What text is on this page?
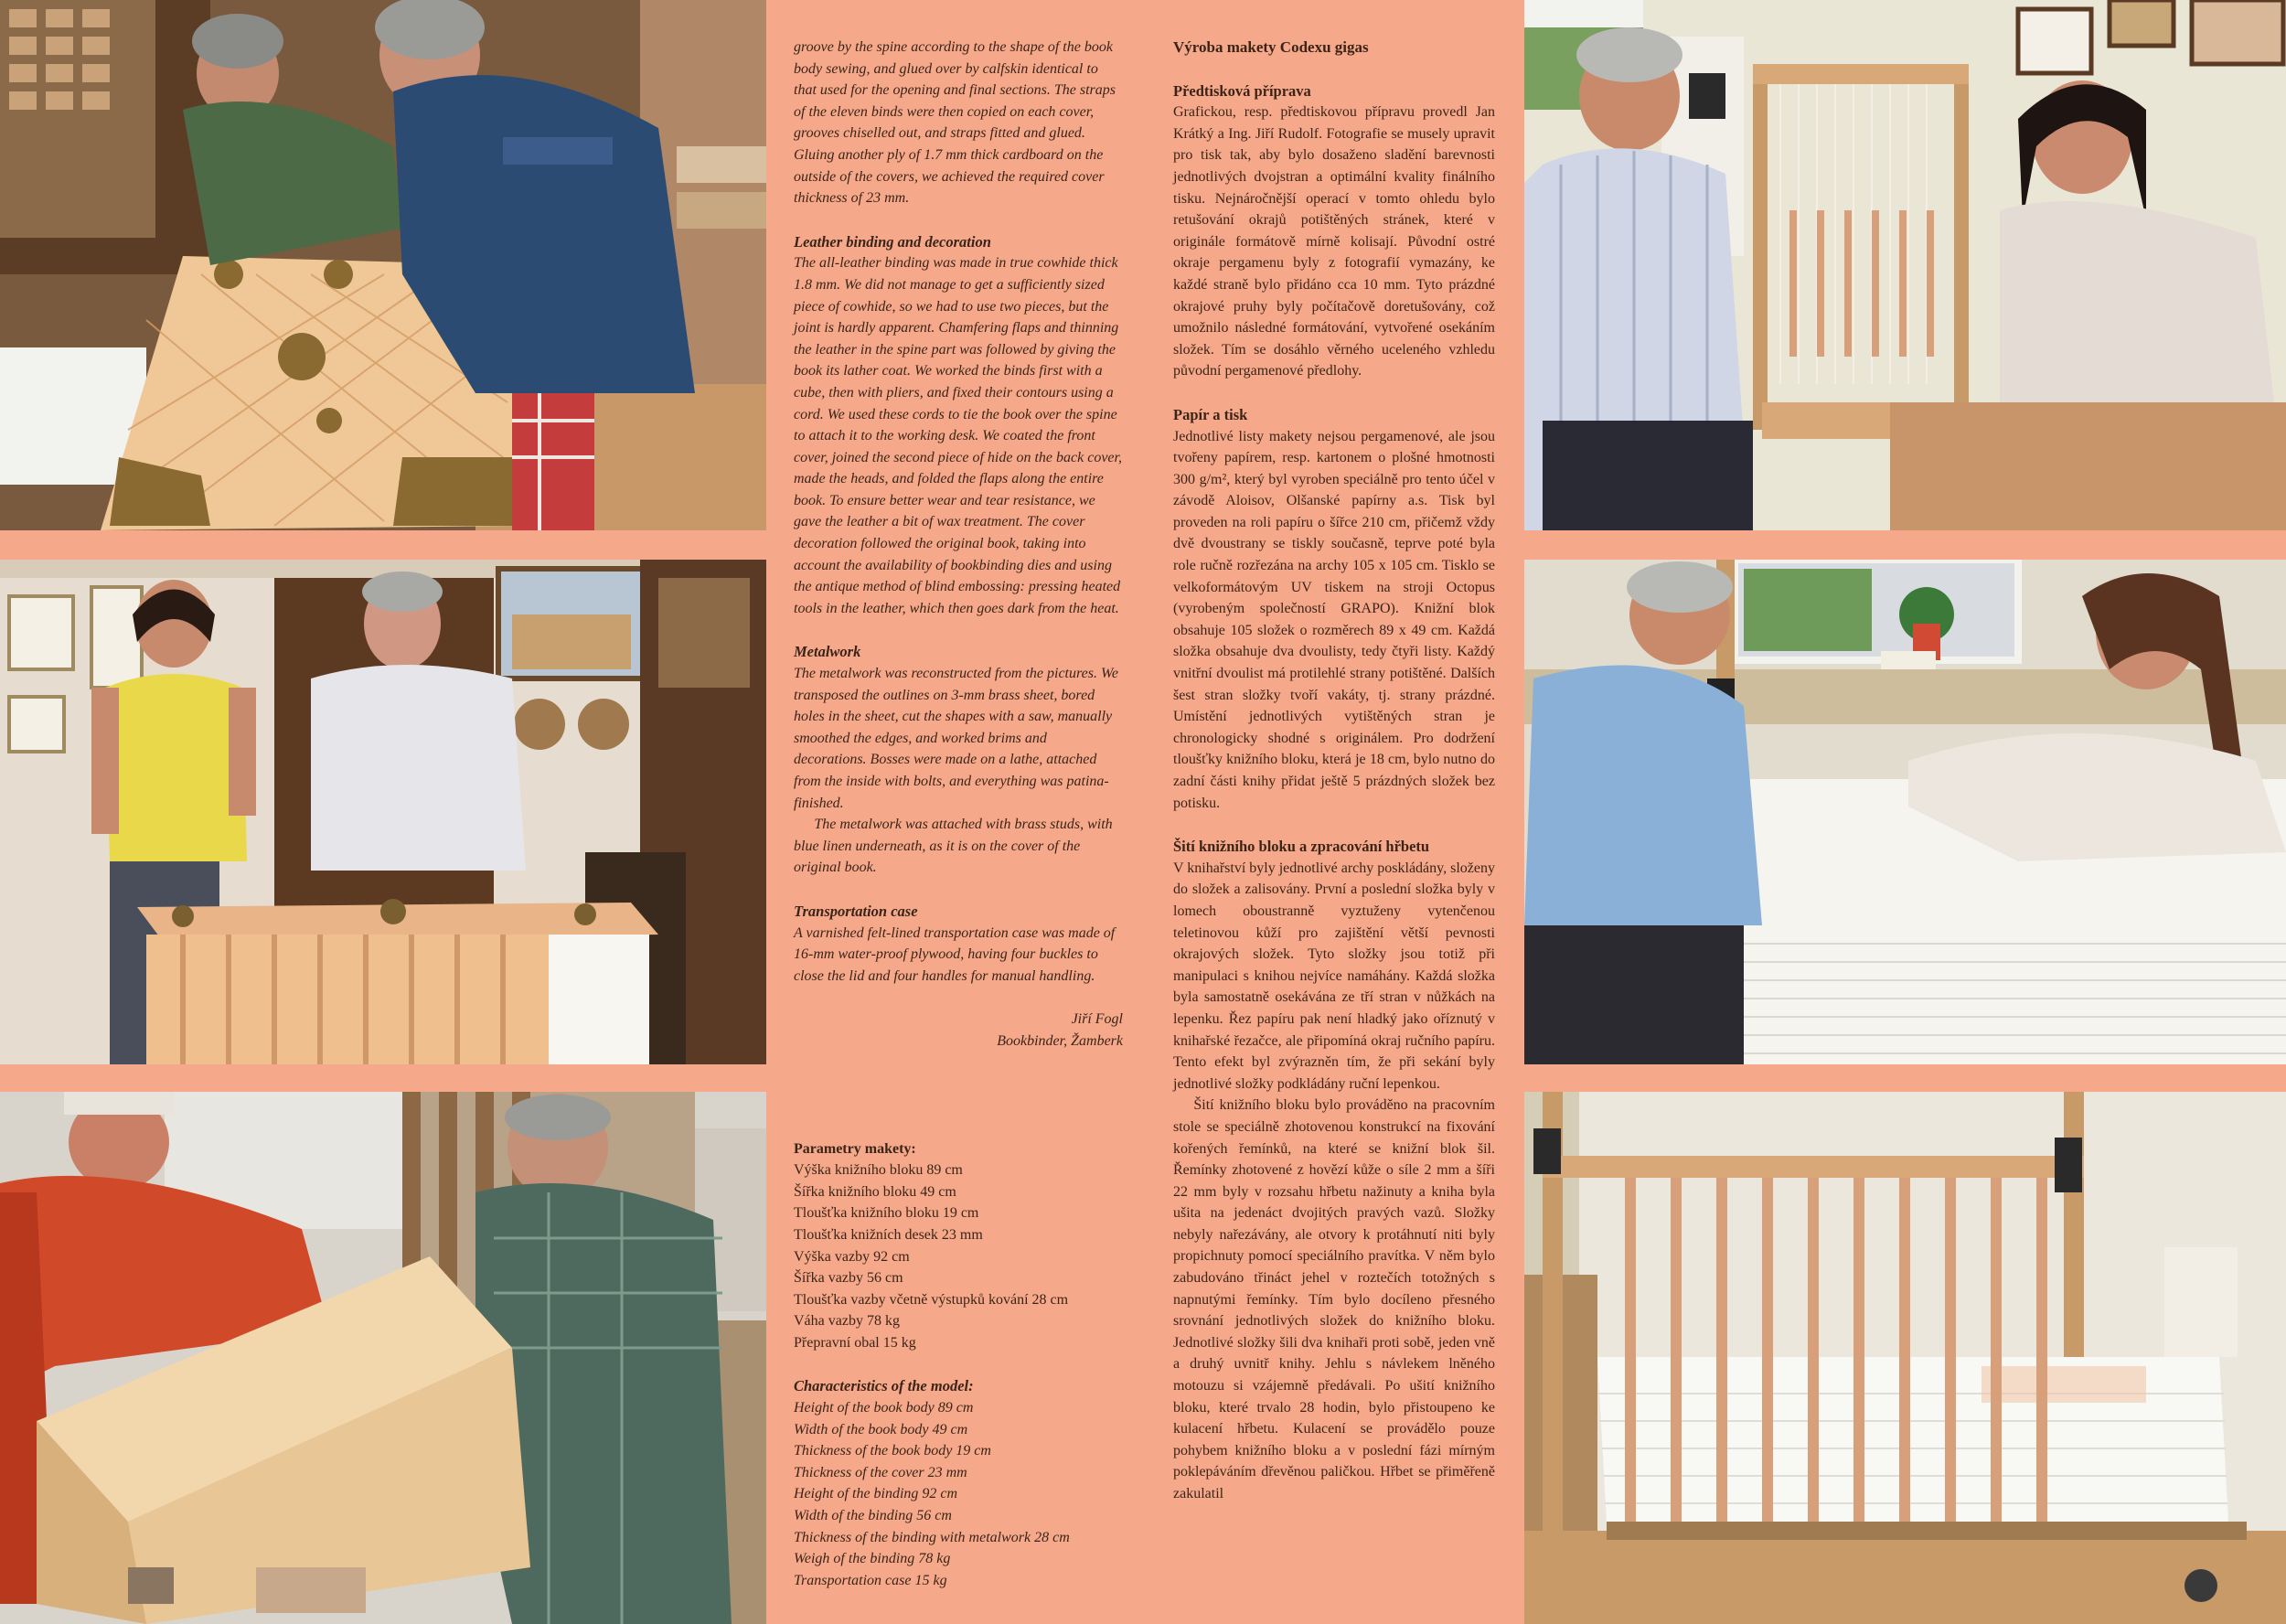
groove by the spine according to the shape of the book body sewing, and glued over by calfskin identical to that used for the opening and final sections. The straps of the eleven binds were then copied on each cover, grooves chiselled out, and straps fitted and glued. Gluing another ply of 1.7 mm thick cardboard on the outside of the covers, we achieved the required cover thickness of 23 mm.

Leather binding and decoration

The all-leather binding was made in true cowhide thick 1.8 mm. We did not manage to get a sufficiently sized piece of cowhide, so we had to use two pieces, but the joint is hardly apparent. Chamfering flaps and thinning the leather in the spine part was followed by giving the book its lather coat. We worked the binds first with a cube, then with pliers, and fixed their contours using a cord. We used these cords to tie the book over the spine to attach it to the working desk. We coated the front cover, joined the second piece of hide on the back cover, made the heads, and folded the flaps along the entire book. To ensure better wear and tear resistance, we gave the leather a bit of wax treatment. The cover decoration followed the original book, taking into account the availability of bookbinding dies and using the antique method of blind embossing: pressing heated tools in the leather, which then goes dark from the heat.

Metalwork

The metalwork was reconstructed from the pictures. We transposed the outlines on 3-mm brass sheet, bored holes in the sheet, cut the shapes with a saw, manually smoothed the edges, and worked brims and decorations. Bosses were made on a lathe, attached from the inside with bolts, and everything was patina-finished.

The metalwork was attached with brass studs, with blue linen underneath, as it is on the cover of the original book.

Transportation case

A varnished felt-lined transportation case was made of 16-mm water-proof plywood, having four buckles to close the lid and four handles for manual handling.

Jiří Fogl

Bookbinder, Žamberk

Parametry makety:

Výška knižního bloku 89 cm

Šířka knižního bloku 49 cm

Tloušťka knižního bloku 19 cm

Tloušťka knižních desek 23 mm

Výška vazby 92 cm

Šířka vazby 56 cm

Tloušťka vazby včetně výstupků kování 28 cm

Váha vazby 78 kg

Přepravní obal 15 kg

Characteristics of the model:

Height of the book body 89 cm

Width of the book body 49 cm

Thickness of the book body 19 cm

Thickness of the cover 23 mm

Height of the binding 92 cm

Width of the binding 56 cm

Thickness of the binding with metalwork 28 cm

Weigh of the binding 78 kg

Transportation case 15 kg

Výroba makety Codexu gigas
Předtisková příprava

Grafickou, resp. předtiskovou přípravu provedl Jan Krátký a Ing. Jiří Rudolf. Fotografie se musely upravit pro tisk tak, aby bylo dosaženo sladění barevnosti jednotlivých dvojstran a optimální kvality finálního tisku. Nejnáročnější operací v tomto ohledu bylo retušování okrajů potištěných stránek, které v originále formátově mírně kolisají. Původní ostré okraje pergamenu byly z fotografií vymazány, ke každé straně bylo přidáno cca 10 mm. Tyto prázdné okrajové pruhy byly počítačově doretušovány, což umožnilo následné formátování, vytvořené osekáním složek. Tím se dosáhlo věrného uceleného vzhledu původní pergamenové předlohy.

Papír a tisk

Jednotlivé listy makety nejsou pergamenové, ale jsou tvořeny papírem, resp. kartonem o plošné hmotnosti 300 g/m², který byl vyroben speciálně pro tento účel v závodě Aloisov, Olšanské papírny a.s. Tisk byl proveden na roli papíru o šířce 210 cm, přičemž vždy dvě dvoustrany se tiskly současně, teprve poté byla role ručně rozřezána na archy 105 x 105 cm. Tisklo se velkoformátovým UV tiskem na stroji Octopus (vyrobeným společností GRAPO). Knižní blok obsahuje 105 složek o rozměrech 89 x 49 cm. Každá složka obsahuje dva dvoulisty, tedy čtyři listy. Každý vnitřní dvoulist má protilehlé strany potištěné. Dalších šest stran složky tvoří vakáty, tj. strany prázdné. Umístění jednotlivých vytištěných stran je chronologicky shodné s originálem. Pro dodržení tloušťky knižního bloku, která je 18 cm, bylo nutno do zadní části knihy přidat ještě 5 prázdných složek bez potisku.

Šití knižního bloku a zpracování hřbetu

V knihařství byly jednotlivé archy poskládány, složeny do složek a zalisovány. První a poslední složka byly v lomech oboustranně vyztuženy vytenčenou teletinovou kůží pro zajištění větší pevnosti okrajových složek. Tyto složky jsou totiž při manipulaci s knihou nejvíce namáhány. Každá složka byla samostatně osekávána ze tří stran v nůžkách na lepenku. Řez papíru pak není hladký jako oříznutý v knihařské řezačce, ale připomíná okraj ručního papíru. Tento efekt byl zvýrazněn tím, že při sekání byly jednotlivé složky podkládány ruční lepenkou.

Šití knižního bloku bylo prováděno na pracovním stole se speciálně zhotovenou konstrukcí na fixování kořených řemínků, na které se knižní blok šil. Řemínky zhotovené z hovězí kůže o síle 2 mm a šíři 22 mm byly v rozsahu hřbetu nažinuty a kniha byla ušita na jedenáct dvojitých pravých vazů. Složky nebyly nařezávány, ale otvory k protáhnutí niti byly propichnuty pomocí speciálního pravítka. V něm bylo zabudováno třináct jehel v roztečích totožných s napnutými řemínky. Tím bylo docíleno přesného srovnání jednotlivých složek do knižního bloku. Jednotlivé složky šili dva knihaři proti sobě, jeden vně a druhý uvnitř knihy. Jehlu s návlekem lněného motouzu si vzájemně předávali. Po ušití knižního bloku, které trvalo 28 hodin, bylo přistoupeno ke kulacení hřbetu. Kulacení se provádělo pouze pohybem knižního bloku a v poslední fázi mírným poklepáváním dřevěnou paličkou. Hřbet se přiměřeně zakulatil
